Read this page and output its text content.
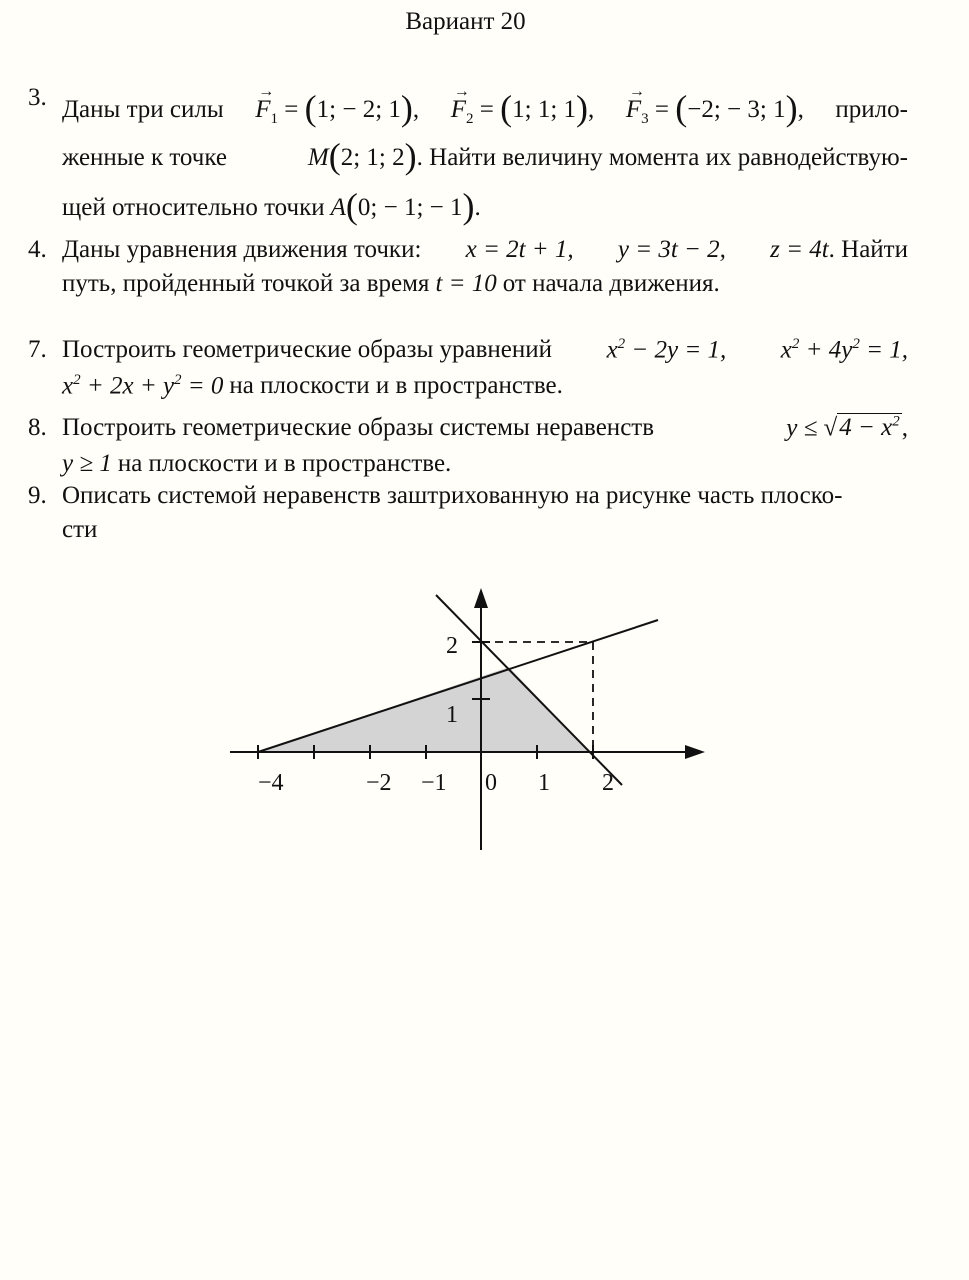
Вариант 20
3. Даны три силы
→
$F_1 = (1$; − 2; 1),
→
$F_2 = (1$; 1; 1),
→
$F_3 = (-2$; − 3; 1), прило-
женные к точке	M(2; 1; 2). Найти величину момента их равнодействую-
щей относительно точки A(0; − 1; − 1).
4. Даны уравнения движения точки: x = 2t + 1, y = 3t − 2, z = 4t. Найти
путь, пройденный точкой за время t = 10 от начала движения.
7. Построить геометрические образы уравнений $x^2 - 2y = 1$, $x^2 + 4y^2 = 1$,
$x^2 + 2x + y^2 = 0$ на плоскости и в пространстве.
8. Построить геометрические образы системы неравенств	$y \le √4 - x^2$,
y ≥ 1 на плоскости и в пространстве.
9. Описать системой неравенств заштрихованную на рисунке часть плоско-
сти
−4	−2 −1 0 1 2
1
2
